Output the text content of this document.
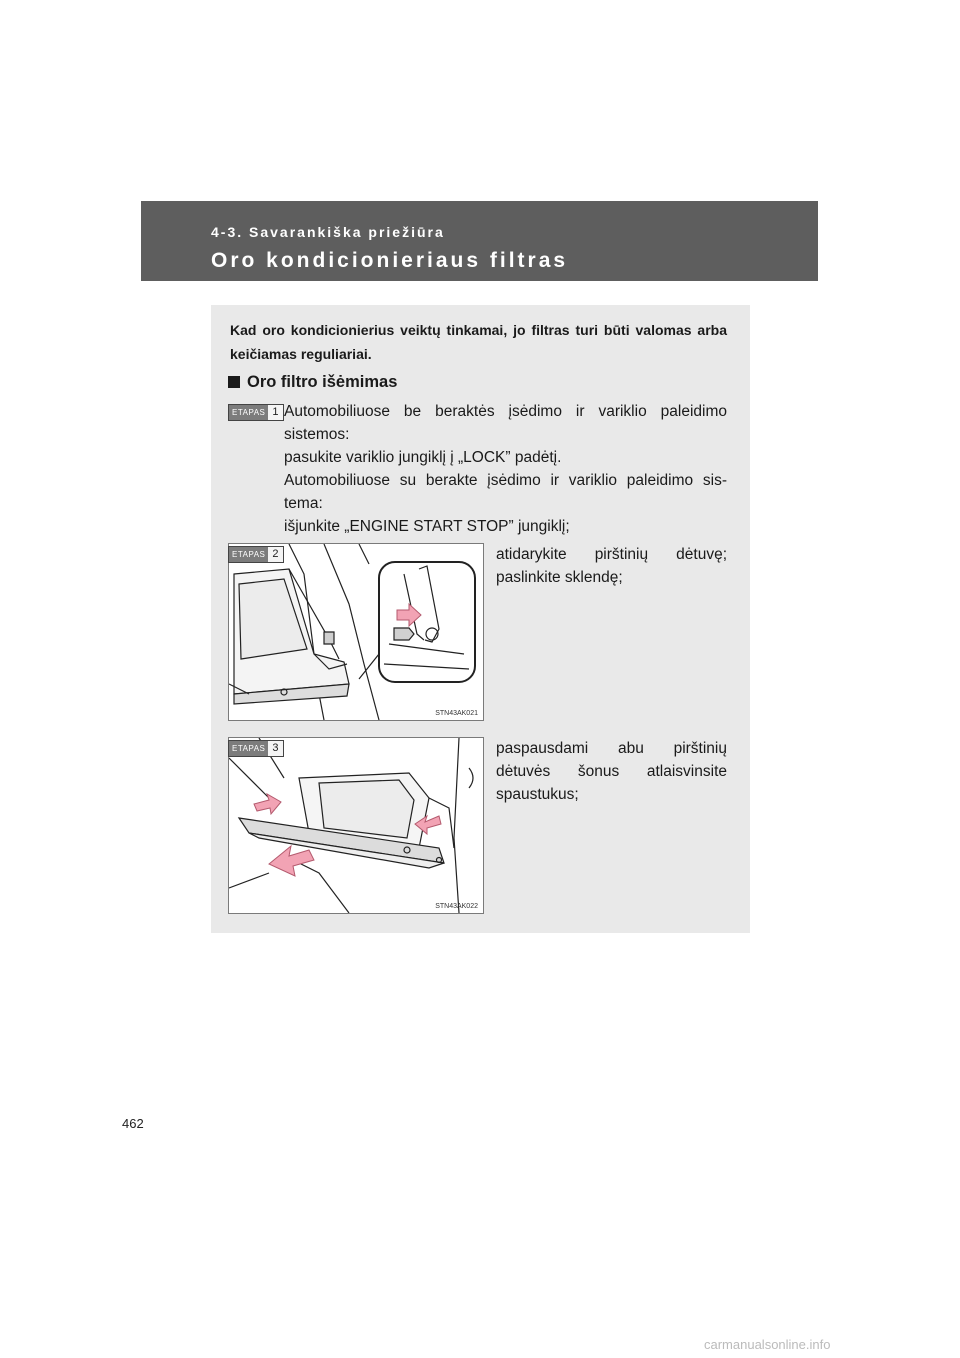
4-3. Savarankiška priežiūra
Oro kondicionieriaus filtras
Kad oro kondicionierius veiktų tinkamai, jo filtras turi būti valomas arba keičiamas reguliariai.
Oro filtro išėmimas
ETAPAS 1 Automobiliuose be beraktės įsėdimo ir variklio paleidimo
sistemos:
pasukite variklio jungiklį į „LOCK” padėtį.
Automobiliuose su berakte įsėdimo ir variklio paleidimo sis-
tema:
išjunkite „ENGINE START STOP” jungiklį;
STN43AK021
ETAPAS 2	atidarykite pirštinių dėtuvę;
paslinkite sklendę;
STN43AK022
ETAPAS 3	paspausdami abu pirštinių
dėtuvės šonus atlaisvinsite
spaustukus;
462
carmanualsonline.info
